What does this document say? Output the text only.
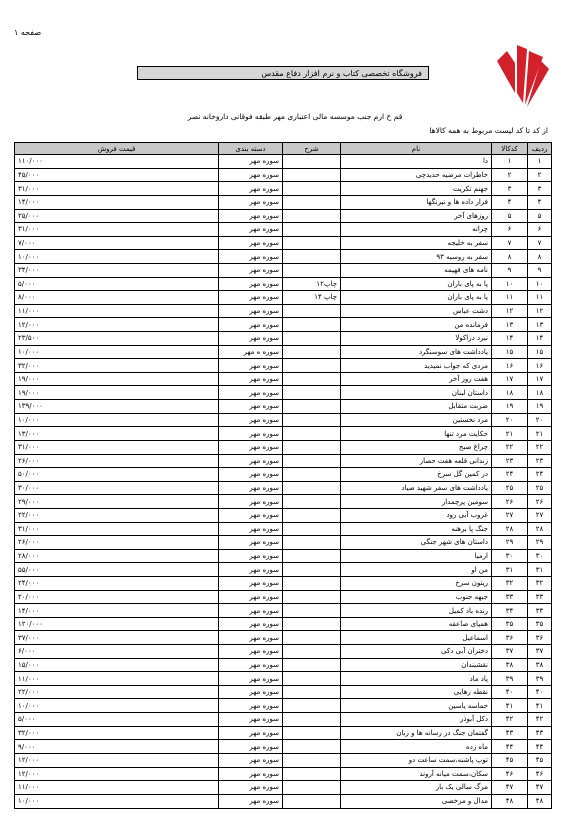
صفحه ۱
فروشگاه تخصصی کتاب و نرم افزار دفاع مقدس
قم خ ارم جنب موسسه مالی اعتباری مهر طبقه فوقانی داروخانه نصر
از کد تا کد لیست مربوط به همه کالاها
ردیف	کدکالا	نام	شرح	دسته بندی	قیمت فروش
۱	۱	دا		سوره مهر	۱۱۰/۰۰۰
۲	۲	خاطرات مرضیه حدیدچی		سوره مهر	۴۵/۰۰۰
۳	۳	جهنم تکریت		سوره مهر	۳۱/۰۰۰
۴	۴	فرار داده ها و نیرنگها		سوره مهر	۱۴/۰۰۰
۵	۵	روزهای آخر		سوره مهر	۲۵/۰۰۰
۶	۶	چرانه		سوره مهر	۳۱/۰۰۰
۷	۷	سفر به خلیجه		سوره مهر	۷/۰۰۰
۸	۸	سفر به روسیه ۹۳		سوره مهر	۱۰/۰۰۰
۹	۹	نامه های فهیمه		سوره مهر	۳۴/۰۰۰
۱۰	۱۰	پا به پای باران	چاپ۱۲	سوره مهر	۵/۰۰۰
۱۱	۱۱	پا به پای باران	چاپ ۱۴	سوره مهر	۸/۰۰۰
۱۲	۱۲	دشت عباس		سوره مهر	۱۱/۰۰۰
۱۳	۱۳	فرمانده من		سوره مهر	۱۲/۰۰۰
۱۴	۱۴	نبرد دراکولا		سوره مهر	۲۳/۵۰۰
۱۵	۱۵	یادداشت های سوسنگرد		سوره ه مهر	۱۰/۰۰۰
۱۶	۱۶	مردی که جواب نمیدید		سوره مهر	۳۲/۰۰۰
۱۷	۱۷	هفت روز آخر		سوره مهر	۱۹/۰۰۰
۱۸	۱۸	داستان لبنان		سوره مهر	۱۹/۰۰۰
۱۹	۱۹	ضربت متقابل		سوره مهر	۱۳۹/۰۰۰
۲۰	۲۰	مرد نخستین		سوره مهر	۱۰/۰۰۰
۲۱	۲۱	حکایت مرد تنها		سوره مهر	۱۳/۰۰۰
۲۲	۲۲	چراغ صبح		سوره مهر	۳۱/۰۰۰
۲۳	۲۳	زندانی قلعه هفت حصار		سوره مهر	۲۶/۰۰۰
۲۴	۲۴	در کمین گل سرخ		سوره مهر	۵۰/۰۰۰
۲۵	۲۵	یادداشت های سفر شهید صیاد		سوره مهر	۳۰/۰۰۰
۲۶	۲۶	سومین پرچمدار		سوره مهر	۲۹/۰۰۰
۲۷	۲۷	غروب آبی رود		سوره مهر	۲۲/۰۰۰
۲۸	۲۸	جنگ پا برهنه		سوره مهر	۳۱/۰۰۰
۲۹	۲۹	داستان های شهر جنگی		سوره مهر	۲۶/۰۰۰
۳۰	۳۰	ارمیا		سوره مهر	۲۸/۰۰۰
۳۱	۳۱	من او		سوره مهر	۵۵/۰۰۰
۳۲	۳۲	ریتون سرخ		سوره مهر	۲۴/۰۰۰
۳۳	۳۳	جبهه جنوب		سوره مهر	۲۰/۰۰۰
۳۴	۳۴	رنده باد کمیل		سوره مهر	۱۴/۰۰۰
۳۵	۳۵	همپای صاعقه		سوره مهر	۱۲۰/۰۰۰
۳۶	۳۶	اسماعیل		سوره مهر	۳۷/۰۰۰
۳۷	۳۷	دختران آبی دکی		سوره مهر	۶/۰۰۰
۳۸	۳۸	نقشبندان		سوره مهر	۱۵/۰۰۰
۳۹	۳۹	پاد ماد		سوره مهر	۱۱/۰۰۰
۴۰	۴۰	نقطه رهایی		سوره مهر	۲۲/۰۰۰
۴۱	۴۱	حماسه یاسین		سوره مهر	۱۰/۰۰۰
۴۲	۴۲	دکل آبوذر		سوره مهر	۵/۰۰۰
۴۳	۴۳	گفتمان جنگ در رسانه ها و زبان		سوره مهر	۳۲/۰۰۰
۴۴	۴۴	ماه زده		سوره مهر	۹/۰۰۰
۴۵	۴۵	توپ پاشنه،سمت ساعت دو		سوره مهر	۱۲/۰۰۰
۴۶	۴۶	سکان،سمت میانه آروند		سوره مهر	۱۲/۰۰۰
۴۷	۴۷	مرگ سالی یک بار		سوره مهر	۱۱/۰۰۰
۴۸	۴۸	مدال و مرخصی		سوره مهر	۱۰/۰۰۰
